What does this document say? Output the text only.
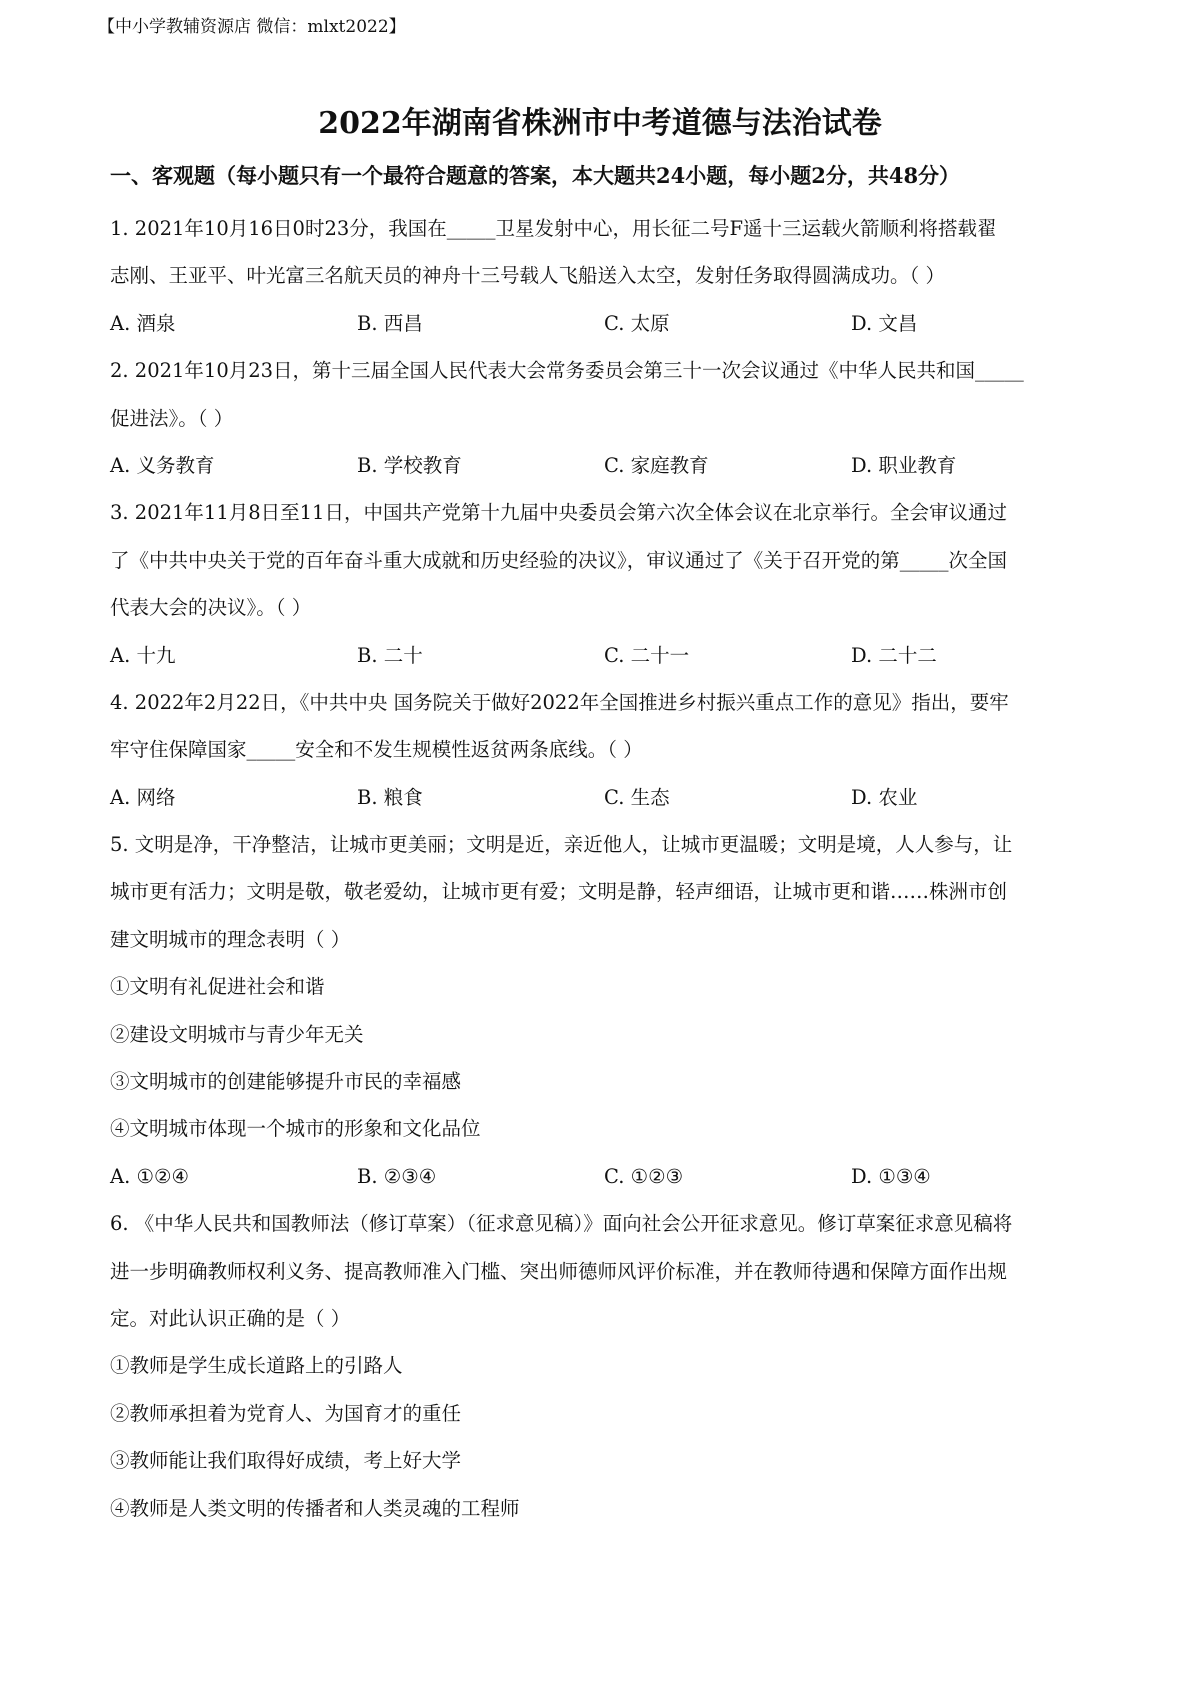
【中小学教辅资源店 微信：mlxt2022】
2022年湖南省株洲市中考道德与法治试卷
一、客观题（每小题只有一个最符合题意的答案，本大题共24小题，每小题2分，共48分）
1. 2021年10月16日0时23分，我国在_____卫星发射中心，用长征二号F遥十三运载火箭顺利将搭载翟
志刚、王亚平、叶光富三名航天员的神舟十三号载人飞船送入太空，发射任务取得圆满成功。（ ）
A. 酒泉	B. 西昌	C. 太原	D. 文昌
2. 2021年10月23日，第十三届全国人民代表大会常务委员会第三十一次会议通过《中华人民共和国_____
促进法》。（ ）
A. 义务教育	B. 学校教育	C. 家庭教育	D. 职业教育
3. 2021年11月8日至11日，中国共产党第十九届中央委员会第六次全体会议在北京举行。全会审议通过
了《中共中央关于党的百年奋斗重大成就和历史经验的决议》，审议通过了《关于召开党的第_____次全国
代表大会的决议》。（ ）
A. 十九	B. 二十	C. 二十一	D. 二十二
4. 2022年2月22日，《中共中央 国务院关于做好2022年全国推进乡村振兴重点工作的意见》指出，要牢
牢守住保障国家_____安全和不发生规模性返贫两条底线。（ ）
A. 网络	B. 粮食	C. 生态	D. 农业
5. 文明是净，干净整洁，让城市更美丽；文明是近，亲近他人，让城市更温暖；文明是境，人人参与，让
城市更有活力；文明是敬，敬老爱幼，让城市更有爱；文明是静，轻声细语，让城市更和谐……株洲市创
建文明城市的理念表明（ ）
①文明有礼促进社会和谐
②建设文明城市与青少年无关
③文明城市的创建能够提升市民的幸福感
④文明城市体现一个城市的形象和文化品位
A. ①②④	B. ②③④	C. ①②③	D. ①③④
6. 《中华人民共和国教师法（修订草案）（征求意见稿）》面向社会公开征求意见。修订草案征求意见稿将
进一步明确教师权利义务、提高教师准入门槛、突出师德师风评价标准，并在教师待遇和保障方面作出规
定。对此认识正确的是（ ）
①教师是学生成长道路上的引路人
②教师承担着为党育人、为国育才的重任
③教师能让我们取得好成绩，考上好大学
④教师是人类文明的传播者和人类灵魂的工程师
